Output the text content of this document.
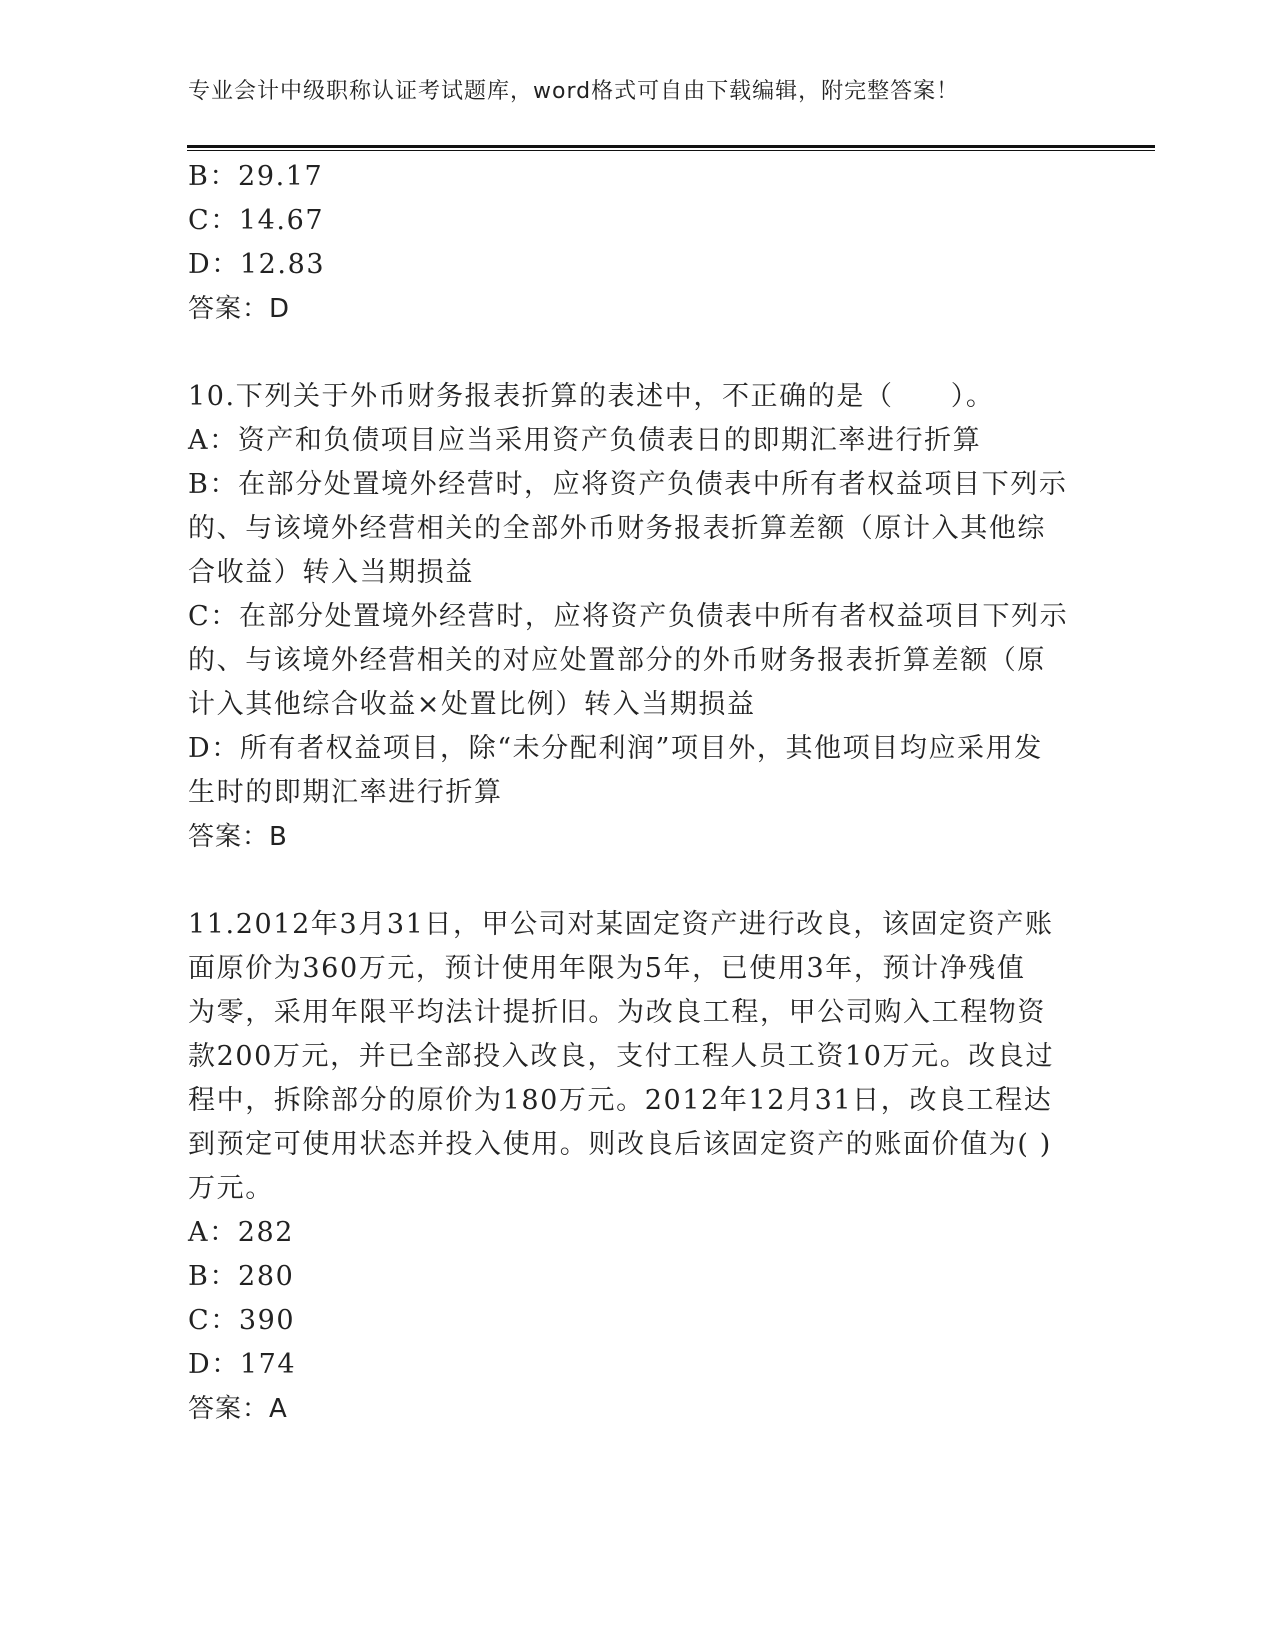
专业会计中级职称认证考试题库，word格式可自由下载编辑，附完整答案！
B：29.17
C：14.67
D：12.83
答案：D
10.下列关于外币财务报表折算的表述中，不正确的是（　　）。
A：资产和负债项目应当采用资产负债表日的即期汇率进行折算
B：在部分处置境外经营时，应将资产负债表中所有者权益项目下列示
的、与该境外经营相关的全部外币财务报表折算差额（原计入其他综
合收益）转入当期损益
C：在部分处置境外经营时，应将资产负债表中所有者权益项目下列示
的、与该境外经营相关的对应处置部分的外币财务报表折算差额（原
计入其他综合收益×处置比例）转入当期损益
D：所有者权益项目，除“未分配利润”项目外，其他项目均应采用发
生时的即期汇率进行折算
答案：B
11.2012年3月31日，甲公司对某固定资产进行改良，该固定资产账
面原价为360万元，预计使用年限为5年，已使用3年，预计净残值
为零，采用年限平均法计提折旧。为改良工程，甲公司购入工程物资
款200万元，并已全部投入改良，支付工程人员工资10万元。改良过
程中，拆除部分的原价为180万元。2012年12月31日，改良工程达
到预定可使用状态并投入使用。则改良后该固定资产的账面价值为( )
万元。
A：282
B：280
C：390
D：174
答案：A
